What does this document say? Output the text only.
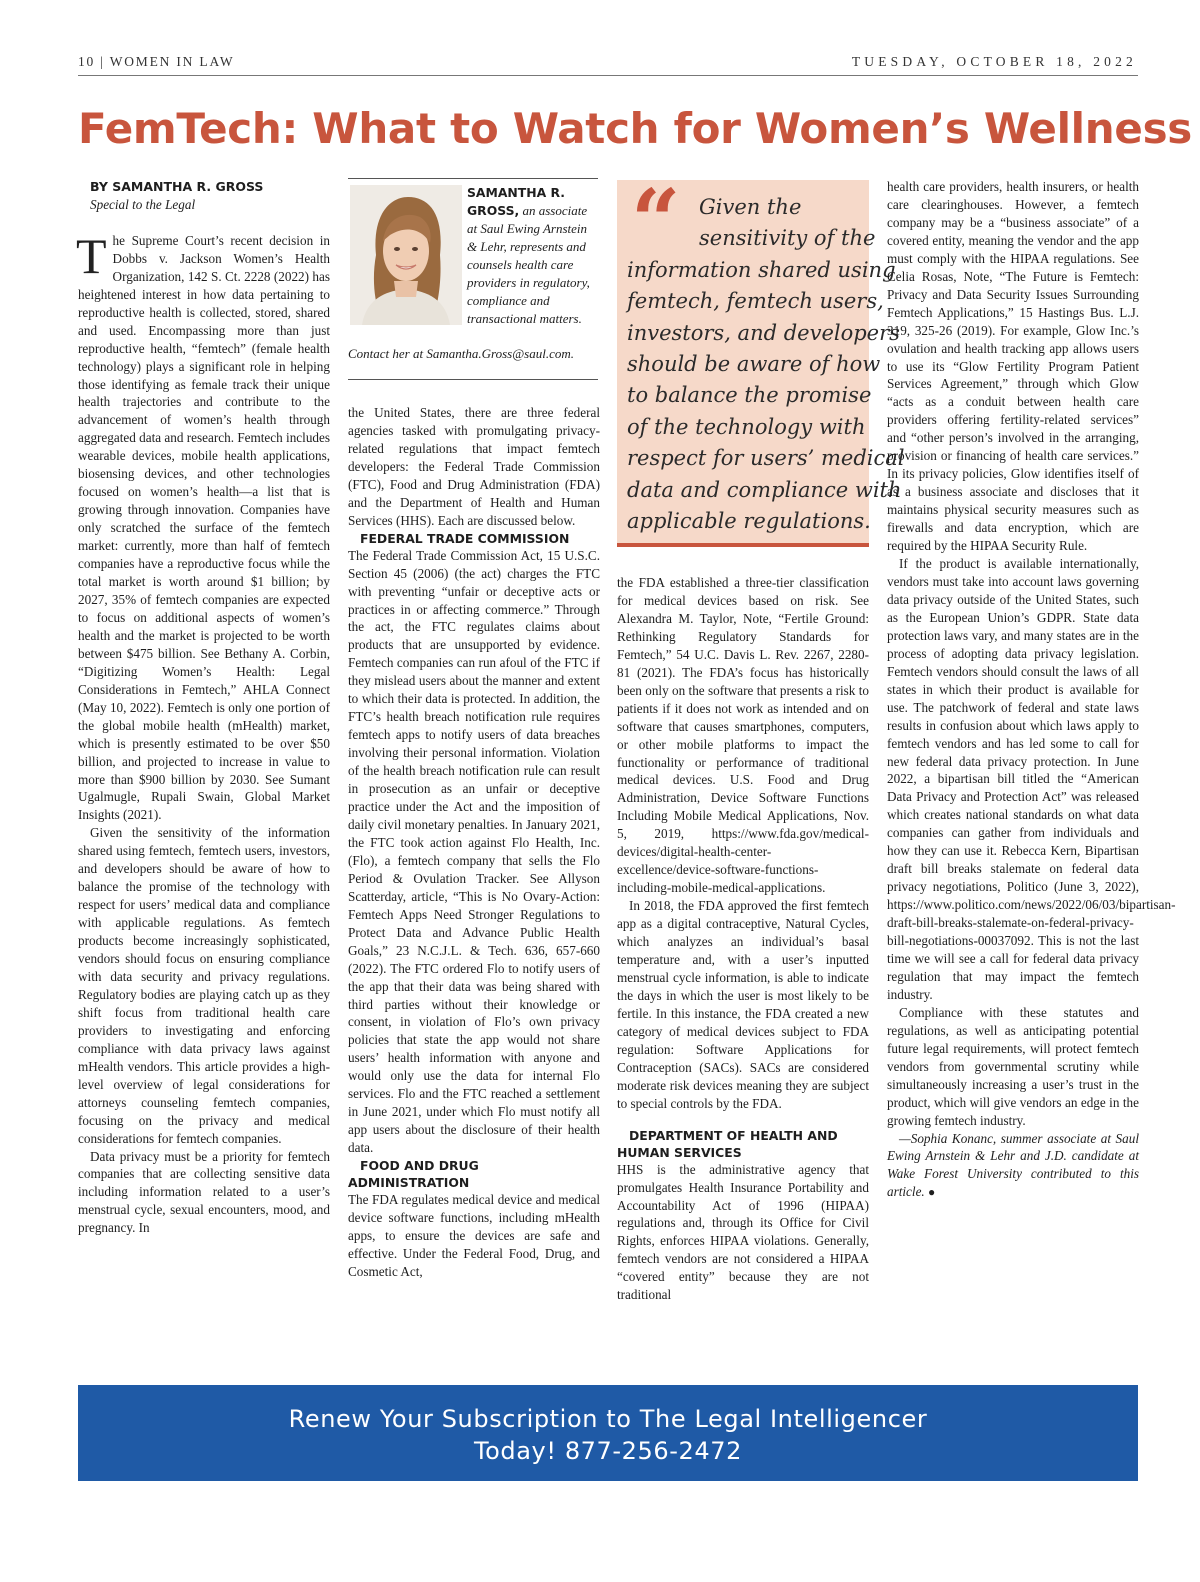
10 | WOMEN IN LAW	TUESDAY, OCTOBER 18, 2022
FemTech: What to Watch for Women’s Wellness

BY SAMANTHA R. GROSS

Special to the Legal

The Supreme Court’s recent decision in Dobbs v. Jackson Women’s Health Organization, 142 S. Ct. 2228 (2022) has heightened interest in how data pertaining to reproductive health is collected, stored, shared and used. Encompassing more than just reproductive health, “femtech” (female health technology) plays a significant role in helping those identifying as female track their unique health trajectories and contribute to the advancement of women’s health through aggregated data and research. Femtech includes wearable devices, mobile health applications, biosensing devices, and other technologies focused on women’s health—a list that is growing through innovation. Companies have only scratched the surface of the femtech market: currently, more than half of femtech companies have a reproductive focus while the total market is worth around $1 billion; by 2027, 35% of femtech companies are expected to focus on additional aspects of women’s health and the market is projected to be worth between $475 billion. See Bethany A. Corbin, “Digitizing Women’s Health: Legal Considerations in Femtech,” AHLA Connect (May 10, 2022). Femtech is only one portion of the global mobile health (mHealth) market, which is presently estimated to be over $50 billion, and projected to increase in value to more than $900 billion by 2030. See Sumant Ugalmugle, Rupali Swain, Global Market Insights (2021).

Given the sensitivity of the information shared using femtech, femtech users, investors, and developers should be aware of how to balance the promise of the technology with respect for users’ medical data and compliance with applicable regulations. As femtech products become increasingly sophisticated, vendors should focus on ensuring compliance with data security and privacy regulations. Regulatory bodies are playing catch up as they shift focus from traditional health care providers to investigating and enforcing compliance with data privacy laws against mHealth vendors. This article provides a high-level overview of legal considerations for attorneys counseling femtech companies, focusing on the privacy and medical considerations for femtech companies.

Data privacy must be a priority for femtech companies that are collecting sensitive data including information related to a user’s menstrual cycle, sexual encounters, mood, and pregnancy. In

SAMANTHA R. GROSS, an associate at Saul Ewing Arnstein & Lehr, represents and counsels health care providers in regulatory, compliance and transactional matters.
Contact her at Samantha.Gross@saul.com.

the United States, there are three federal agencies tasked with promulgating privacy-related regulations that impact femtech developers: the Federal Trade Commission (FTC), Food and Drug Administration (FDA) and the Department of Health and Human Services (HHS). Each are discussed below.

FEDERAL TRADE COMMISSION

The Federal Trade Commission Act, 15 U.S.C. Section 45 (2006) (the act) charges the FTC with preventing “unfair or deceptive acts or practices in or affecting commerce.” Through the act, the FTC regulates claims about products that are unsupported by evidence. Femtech companies can run afoul of the FTC if they mislead users about the manner and extent to which their data is protected. In addition, the FTC’s health breach notification rule requires femtech apps to notify users of data breaches involving their personal information. Violation of the health breach notification rule can result in prosecution as an unfair or deceptive practice under the Act and the imposition of daily civil monetary penalties. In January 2021, the FTC took action against Flo Health, Inc. (Flo), a femtech company that sells the Flo Period & Ovulation Tracker. See Allyson Scatterday, article, “This is No Ovary-Action: Femtech Apps Need Stronger Regulations to Protect Data and Advance Public Health Goals,” 23 N.C.J.L. & Tech. 636, 657-660 (2022). The FTC ordered Flo to notify users of the app that their data was being shared with third parties without their knowledge or consent, in violation of Flo’s own privacy policies that state the app would not share users’ health information with anyone and would only use the data for internal Flo services. Flo and the FTC reached a settlement in June 2021, under which Flo must notify all app users about the disclosure of their health data.

FOOD AND DRUG ADMINISTRATION

The FDA regulates medical device and medical device software functions, including mHealth apps, to ensure the devices are safe and effective. Under the Federal Food, Drug, and Cosmetic Act,

“ Given the
sensitivity of the
information shared using
femtech, femtech users,
investors, and developers
should be aware of how
to balance the promise
of the technology with
respect for users’ medical
data and compliance with
applicable regulations.

the FDA established a three-tier classification for medical devices based on risk. See Alexandra M. Taylor, Note, “Fertile Ground: Rethinking Regulatory Standards for Femtech,” 54 U.C. Davis L. Rev. 2267, 2280-81 (2021). The FDA’s focus has historically been only on the software that presents a risk to patients if it does not work as intended and on software that causes smartphones, computers, or other mobile platforms to impact the functionality or performance of traditional medical devices. U.S. Food and Drug Administration, Device Software Functions Including Mobile Medical Applications, Nov. 5, 2019, https://www.fda.gov/medical-devices/digital-health-center-excellence/device-software-functions-including-mobile-medical-applications.

In 2018, the FDA approved the first femtech app as a digital contraceptive, Natural Cycles, which analyzes an individual’s basal temperature and, with a user’s inputted menstrual cycle information, is able to indicate the days in which the user is most likely to be fertile. In this instance, the FDA created a new category of medical devices subject to FDA regulation: Software Applications for Contraception (SACs). SACs are considered moderate risk devices meaning they are subject to special controls by the FDA.

DEPARTMENT OF HEALTH AND HUMAN SERVICES

HHS is the administrative agency that promulgates Health Insurance Portability and Accountability Act of 1996 (HIPAA) regulations and, through its Office for Civil Rights, enforces HIPAA violations. Generally, femtech vendors are not considered a HIPAA “covered entity” because they are not traditional

health care providers, health insurers, or health care clearinghouses. However, a femtech company may be a “business associate” of a covered entity, meaning the vendor and the app must comply with the HIPAA regulations. See Celia Rosas, Note, “The Future is Femtech: Privacy and Data Security Issues Surrounding Femtech Applications,” 15 Hastings Bus. L.J. 319, 325-26 (2019). For example, Glow Inc.’s ovulation and health tracking app allows users to use its “Glow Fertility Program Patient Services Agreement,” through which Glow “acts as a conduit between health care providers offering fertility-related services” and “other person’s involved in the arranging, provision or financing of health care services.” In its privacy policies, Glow identifies itself of as a business associate and discloses that it maintains physical security measures such as firewalls and data encryption, which are required by the HIPAA Security Rule.

If the product is available internationally, vendors must take into account laws governing data privacy outside of the United States, such as the European Union’s GDPR. State data protection laws vary, and many states are in the process of adopting data privacy legislation. Femtech vendors should consult the laws of all states in which their product is available for use. The patchwork of federal and state laws results in confusion about which laws apply to femtech vendors and has led some to call for new federal data privacy protection. In June 2022, a bipartisan bill titled the “American Data Privacy and Protection Act” was released which creates national standards on what data companies can gather from individuals and how they can use it. Rebecca Kern, Bipartisan draft bill breaks stalemate on federal data privacy negotiations, Politico (June 3, 2022), https://www.politico.com/news/2022/06/03/bipartisan-draft-bill-breaks-stalemate-on-federal-privacy-bill-negotiations-00037092. This is not the last time we will see a call for federal data privacy regulation that may impact the femtech industry.

Compliance with these statutes and regulations, as well as anticipating potential future legal requirements, will protect femtech vendors from governmental scrutiny while simultaneously increasing a user’s trust in the product, which will give vendors an edge in the growing femtech industry.

—Sophia Konanc, summer associate at Saul Ewing Arnstein & Lehr and J.D. candidate at Wake Forest University contributed to this article. ●

Renew Your Subscription to The Legal Intelligencer
Today! 877-256-2472
